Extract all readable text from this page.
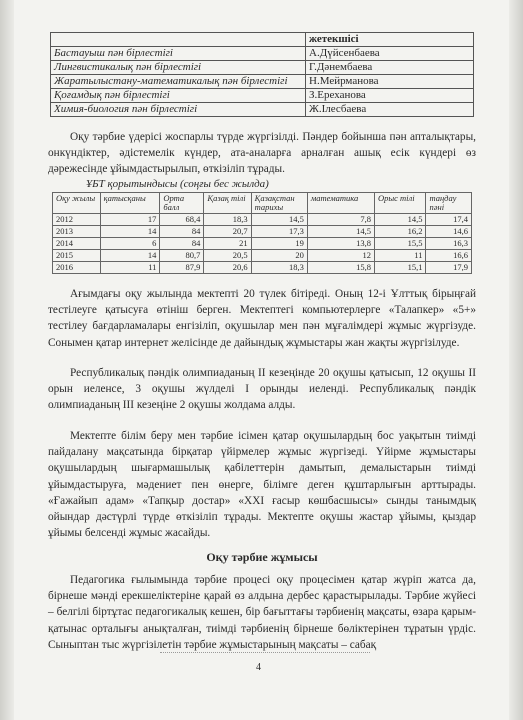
	жетекшісі
Бастауыш пән бірлестігі	А.Дүйсенбаева
Лингвистикалық пән бірлестігі	Г.Дәнембаева
Жаратылыстану-математикалық пән бірлестігі	Н.Мейрманова
Қоғамдық пән бірлестігі	З.Ереханова
Химия-биология пән бірлестігі	Ж.Ілесбаева

Оқу тәрбие үдерісі жоспарлы түрде жүргізілді. Пәндер бойынша пән апталықтары, онкүндіктер, әдістемелік күндер, ата-аналарға арналған ашық есік күндері өз дәрежесінде ұйымдастырылып, өткізіліп тұрады.

ҰБТ қорытындысы (соңғы бес жылда)
Оқу жылы	қатысқаны	Орта балл	Қазақ тілі	Қазақстан тарихы	математика	Орыс тілі	таңдау пәні
2012	17	68,4	18,3	14,5	7,8	14,5	17,4
2013	14	84	20,7	17,3	14,5	16,2	14,6
2014	6	84	21	19	13,8	15,5	16,3
2015	14	80,7	20,5	20	12	11	16,6
2016	11	87,9	20,6	18,3	15,8	15,1	17,9

Ағымдағы оқу жылында мектепті 20 түлек бітіреді. Оның 12-і Ұлттық бірыңғай тестілеуге қатысуға өтініш берген. Мектептегі компьютерлерге «Талапкер» «5+» тестілеу бағдарламалары енгізіліп, оқушылар мен пән мұғалімдері жұмыс жүргізуде. Сонымен қатар интернет желісінде де дайындық жұмыстары жан жақты жүргізілуде.

Республикалық пәндік олимпиаданың ІІ кезеңінде 20 оқушы қатысып, 12 оқушы ІІ орын иеленсе, 3 оқушы жүлделі І орынды иеленді. Республикалық пәндік олимпиаданың ІІІ кезеңіне 2 оқушы жолдама алды.

Мектепте білім беру мен тәрбие ісімен қатар оқушылардың бос уақытын тиімді пайдалану мақсатында бірқатар үйірмелер жұмыс жүргізеді. Үйірме жұмыстары оқушылардың шығармашылық қабілеттерін дамытып, демалыстарын тиімді ұйымдастыруға, мәдениет пен өнерге, білімге деген құштарлығын арттырады. «Ғажайып адам» «Тапқыр достар» «ХХІ ғасыр көшбасшысы» сынды танымдық ойындар дәстүрлі түрде өткізіліп тұрады. Мектепте оқушы жастар ұйымы, қыздар ұйымы белсенді жұмыс жасайды.

Оқу тәрбие жұмысы

Педагогика ғылымында тәрбие процесі оқу процесімен қатар жүріп жатса да, бірнеше мәнді ерекшеліктеріне қарай өз алдына дербес қарастырылады. Тәрбие жүйесі – белгілі біртұтас педагогикалық кешен, бір бағыттағы тәрбиенің мақсаты, өзара қарым-қатынас орталығы анықталған, тиімді тәрбиенің бірнеше бөліктерінен тұратын үрдіс. Сыныптан тыс жүргізілетін тәрбие жұмыстарының мақсаты – сабақ

4
